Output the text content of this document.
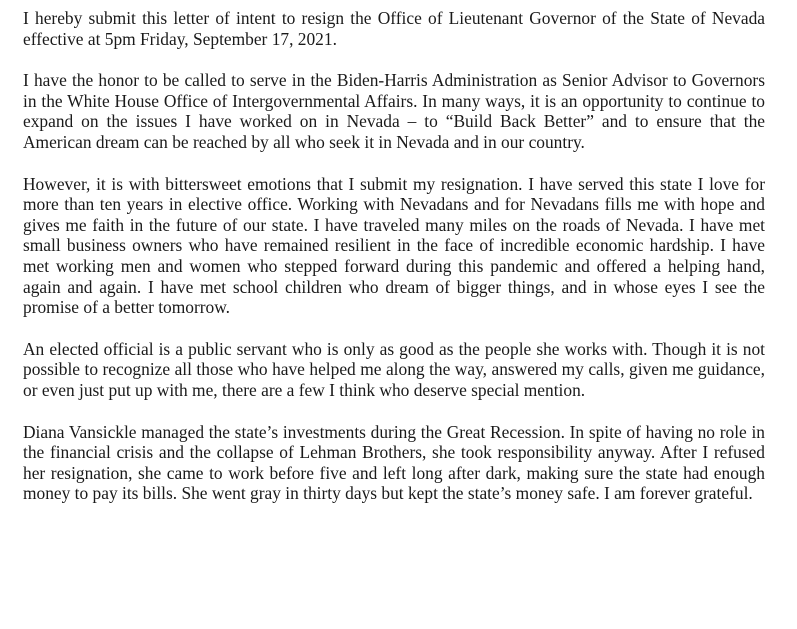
I hereby submit this letter of intent to resign the Office of Lieutenant Governor of the State of Nevada effective at 5pm Friday, September 17, 2021.

I have the honor to be called to serve in the Biden-Harris Administration as Senior Advisor to Governors in the White House Office of Intergovernmental Affairs. In many ways, it is an opportunity to continue to expand on the issues I have worked on in Nevada – to “Build Back Better” and to ensure that the American dream can be reached by all who seek it in Nevada and in our country.

However, it is with bittersweet emotions that I submit my resignation. I have served this state I love for more than ten years in elective office. Working with Nevadans and for Nevadans fills me with hope and gives me faith in the future of our state. I have traveled many miles on the roads of Nevada. I have met small business owners who have remained resilient in the face of incredible economic hardship. I have met working men and women who stepped forward during this pandemic and offered a helping hand, again and again. I have met school children who dream of bigger things, and in whose eyes I see the promise of a better tomorrow.

An elected official is a public servant who is only as good as the people she works with. Though it is not possible to recognize all those who have helped me along the way, answered my calls, given me guidance, or even just put up with me, there are a few I think who deserve special mention.

Diana Vansickle managed the state’s investments during the Great Recession. In spite of having no role in the financial crisis and the collapse of Lehman Brothers, she took responsibility anyway. After I refused her resignation, she came to work before five and left long after dark, making sure the state had enough money to pay its bills. She went gray in thirty days but kept the state’s money safe. I am forever grateful.
